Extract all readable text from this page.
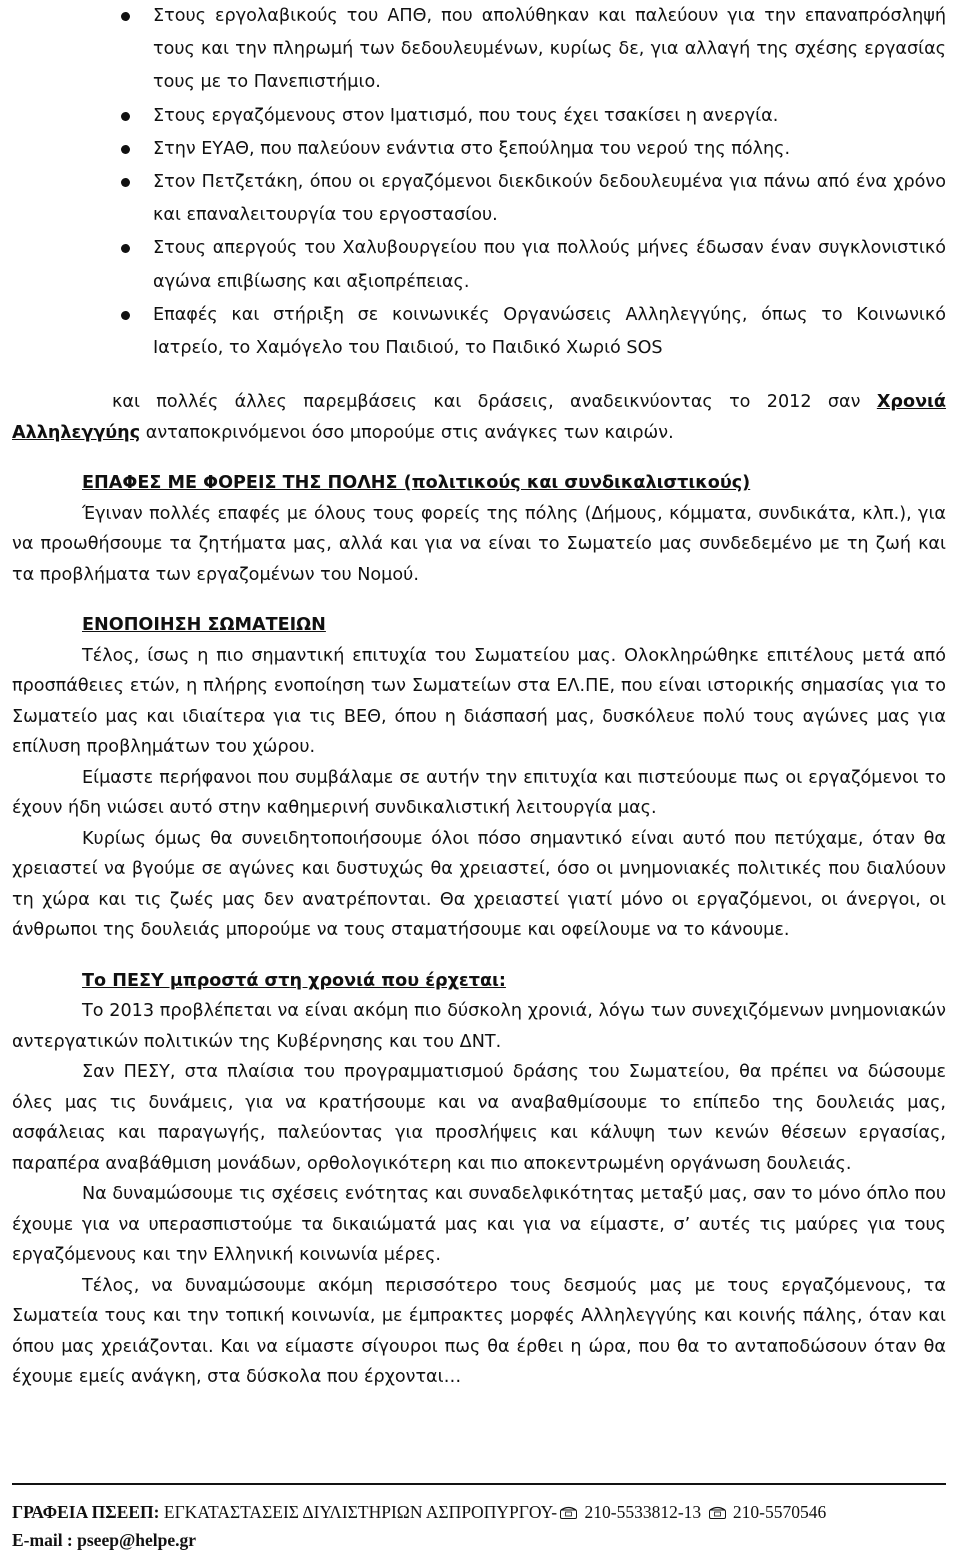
Στους εργολαβικούς του ΑΠΘ, που απολύθηκαν και παλεύουν για την επαναπρόσληψή τους και την πληρωμή των δεδουλευμένων, κυρίως δε, για αλλαγή της σχέσης εργασίας τους με το Πανεπιστήμιο.
Στους εργαζόμενους στον Ιματισμό, που τους έχει τσακίσει η ανεργία.
Στην ΕΥΑΘ, που παλεύουν ενάντια στο ξεπούλημα του νερού της πόλης.
Στον Πετζετάκη, όπου οι εργαζόμενοι διεκδικούν δεδουλευμένα για πάνω από ένα χρόνο και επαναλειτουργία του εργοστασίου.
Στους απεργούς του Χαλυβουργείου που για πολλούς μήνες έδωσαν έναν συγκλονιστικό αγώνα επιβίωσης και αξιοπρέπειας.
Επαφές και στήριξη σε κοινωνικές Οργανώσεις Αλληλεγγύης, όπως το Κοινωνικό Ιατρείο, το Χαμόγελο του Παιδιού, το Παιδικό Χωριό SOS

και πολλές άλλες παρεμβάσεις και δράσεις, αναδεικνύοντας το 2012 σαν Χρονιά Αλληλεγγύης ανταποκρινόμενοι όσο μπορούμε στις ανάγκες των καιρών.

ΕΠΑΦΕΣ ΜΕ ΦΟΡΕΙΣ ΤΗΣ ΠΟΛΗΣ (πολιτικούς και συνδικαλιστικούς)

Έγιναν πολλές επαφές με όλους τους φορείς της πόλης (Δήμους, κόμματα, συνδικάτα, κλπ.), για να προωθήσουμε τα ζητήματα μας, αλλά και για να είναι το Σωματείο μας συνδεδεμένο με τη ζωή και τα προβλήματα των εργαζομένων του Νομού.

ΕΝΟΠΟΙΗΣΗ ΣΩΜΑΤΕΙΩΝ

Τέλος, ίσως η πιο σημαντική επιτυχία του Σωματείου μας. Ολοκληρώθηκε επιτέλους μετά από προσπάθειες ετών, η πλήρης ενοποίηση των Σωματείων στα ΕΛ.ΠΕ, που είναι ιστορικής σημασίας για το Σωματείο μας και ιδιαίτερα για τις ΒΕΘ, όπου η διάσπασή μας, δυσκόλευε πολύ τους αγώνες μας για επίλυση προβλημάτων του χώρου.

Είμαστε περήφανοι που συμβάλαμε σε αυτήν την επιτυχία και πιστεύουμε πως οι εργαζόμενοι το έχουν ήδη νιώσει αυτό στην καθημερινή συνδικαλιστική λειτουργία μας.

Κυρίως όμως θα συνειδητοποιήσουμε όλοι πόσο σημαντικό είναι αυτό που πετύχαμε, όταν θα χρειαστεί να βγούμε σε αγώνες και δυστυχώς θα χρειαστεί, όσο οι μνημονιακές πολιτικές που διαλύουν τη χώρα και τις ζωές μας δεν ανατρέπονται. Θα χρειαστεί γιατί μόνο οι εργαζόμενοι, οι άνεργοι, οι άνθρωποι της δουλειάς μπορούμε να τους σταματήσουμε και οφείλουμε να το κάνουμε.

Το ΠΕΣΥ μπροστά στη χρονιά που έρχεται:

Το 2013 προβλέπεται να είναι ακόμη πιο δύσκολη χρονιά, λόγω των συνεχιζόμενων μνημονιακών αντεργατικών πολιτικών της Κυβέρνησης και του ΔΝΤ.

Σαν ΠΕΣΥ, στα πλαίσια του προγραμματισμού δράσης του Σωματείου, θα πρέπει να δώσουμε όλες μας τις δυνάμεις, για να κρατήσουμε και να αναβαθμίσουμε το επίπεδο της δουλειάς μας, ασφάλειας και παραγωγής, παλεύοντας για προσλήψεις και κάλυψη των κενών θέσεων εργασίας, παραπέρα αναβάθμιση μονάδων, ορθολογικότερη και πιο αποκεντρωμένη οργάνωση δουλειάς.

Να δυναμώσουμε τις σχέσεις ενότητας και συναδελφικότητας μεταξύ μας, σαν το μόνο όπλο που έχουμε για να υπερασπιστούμε τα δικαιώματά μας και για να είμαστε, σ’ αυτές τις μαύρες για τους εργαζόμενους και την Ελληνική κοινωνία μέρες.

Τέλος, να δυναμώσουμε ακόμη περισσότερο τους δεσμούς μας με τους εργαζόμενους, τα Σωματεία τους και την τοπική κοινωνία, με έμπρακτες μορφές Αλληλεγγύης και κοινής πάλης, όταν και όπου μας χρειάζονται. Και να είμαστε σίγουροι πως θα έρθει η ώρα, που θα το ανταποδώσουν όταν θα έχουμε εμείς ανάγκη, στα δύσκολα που έρχονται…

ΓΡΑΦΕΙΑ ΠΣΕΕΠ: ΕΓΚΑΤΑΣΤΑΣΕΙΣ ΔΙΥΛΙΣΤΗΡΙΩΝ ΑΣΠΡΟΠΥΡΓΟΥ- 210-5533812-13  210-5570546
E-mail : pseep@helpe.gr
